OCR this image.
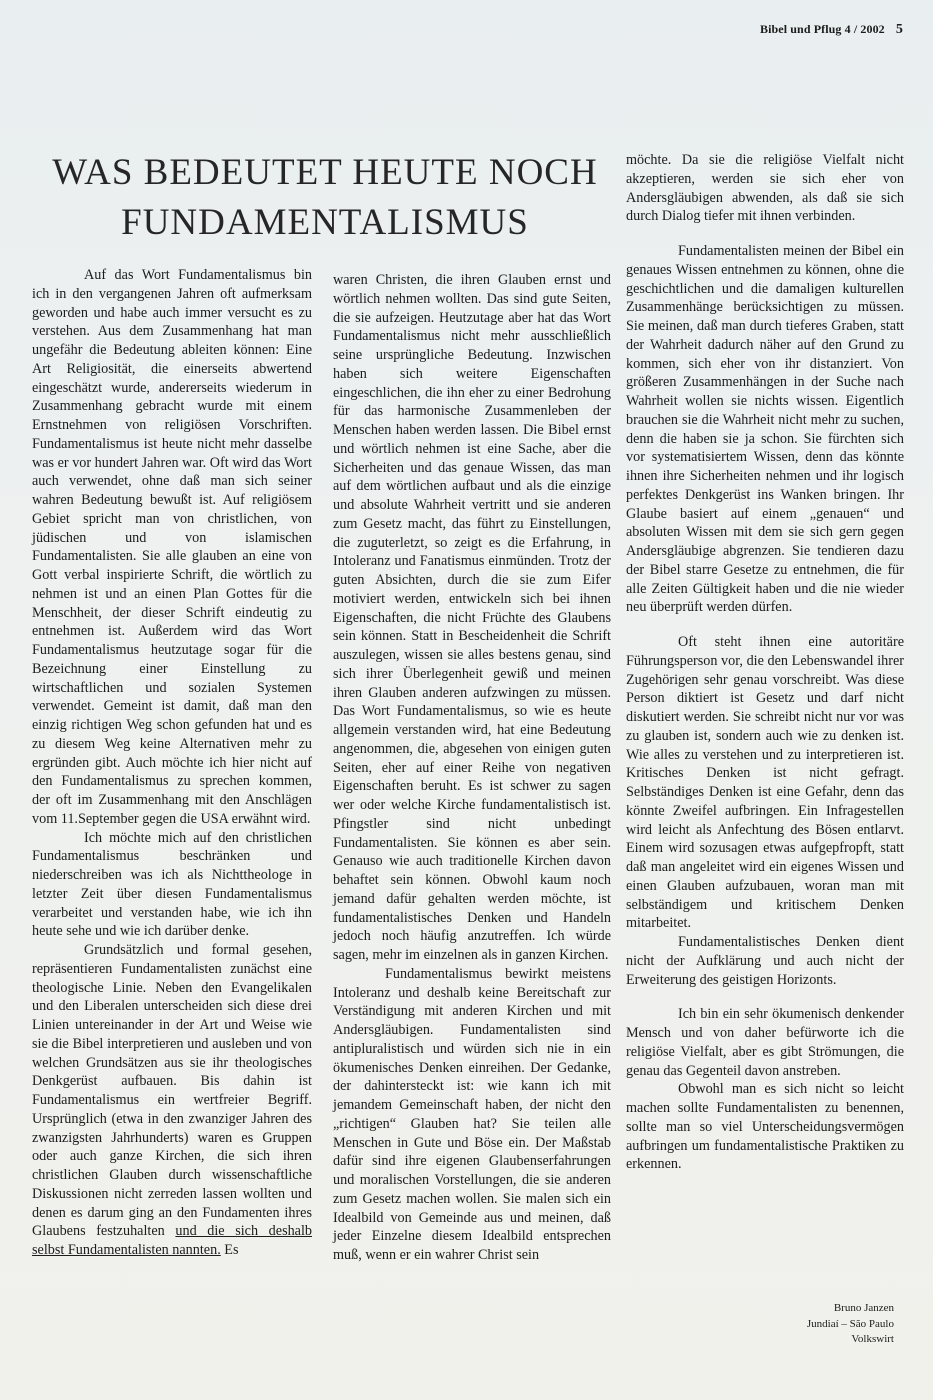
Bibel und Pflug 4 / 2002 5
WAS BEDEUTET HEUTE NOCH
FUNDAMENTALISMUS

Auf das Wort Fundamentalismus bin ich in den vergangenen Jahren oft aufmerksam geworden und habe auch immer versucht es zu verstehen. Aus dem Zusammenhang hat man ungefähr die Bedeutung ableiten können: Eine Art Religiosität, die einerseits abwertend eingeschätzt wurde, andererseits wiederum in Zusammenhang gebracht wurde mit einem Ernstnehmen von religiösen Vorschriften. Fundamentalismus ist heute nicht mehr dasselbe was er vor hundert Jahren war. Oft wird das Wort auch verwendet, ohne daß man sich seiner wahren Bedeutung bewußt ist. Auf religiösem Gebiet spricht man von christlichen, von jüdischen und von islamischen Fundamentalisten. Sie alle glauben an eine von Gott verbal inspirierte Schrift, die wörtlich zu nehmen ist und an einen Plan Gottes für die Menschheit, der dieser Schrift eindeutig zu entnehmen ist. Außerdem wird das Wort Fundamentalismus heutzutage sogar für die Bezeichnung einer Einstellung zu wirtschaftlichen und sozialen Systemen verwendet. Gemeint ist damit, daß man den einzig richtigen Weg schon gefunden hat und es zu diesem Weg keine Alternativen mehr zu ergründen gibt. Auch möchte ich hier nicht auf den Fundamentalismus zu sprechen kommen, der oft im Zusammenhang mit den Anschlägen vom 11.September gegen die USA erwähnt wird.

Ich möchte mich auf den christlichen Fundamentalismus beschränken und niederschreiben was ich als Nichttheologe in letzter Zeit über diesen Fundamentalismus verarbeitet und verstanden habe, wie ich ihn heute sehe und wie ich darüber denke.

Grundsätzlich und formal gesehen, repräsentieren Fundamentalisten zunächst eine theologische Linie. Neben den Evangelikalen und den Liberalen unterscheiden sich diese drei Linien untereinander in der Art und Weise wie sie die Bibel interpretieren und ausleben und von welchen Grundsätzen aus sie ihr theologisches Denkgerüst aufbauen. Bis dahin ist Fundamentalismus ein wertfreier Begriff. Ursprünglich (etwa in den zwanziger Jahren des zwanzigsten Jahrhunderts) waren es Gruppen oder auch ganze Kirchen, die sich ihren christlichen Glauben durch wissenschaftliche Diskussionen nicht zerreden lassen wollten und denen es darum ging an den Fundamenten ihres Glaubens festzuhalten und die sich deshalb selbst Fundamentalisten nannten. Es

waren Christen, die ihren Glauben ernst und wörtlich nehmen wollten. Das sind gute Seiten, die sie aufzeigen. Heutzutage aber hat das Wort Fundamentalismus nicht mehr ausschließlich seine ursprüngliche Bedeutung. Inzwischen haben sich weitere Eigenschaften eingeschlichen, die ihn eher zu einer Bedrohung für das harmonische Zusammenleben der Menschen haben werden lassen. Die Bibel ernst und wörtlich nehmen ist eine Sache, aber die Sicherheiten und das genaue Wissen, das man auf dem wörtlichen aufbaut und als die einzige und absolute Wahrheit vertritt und sie anderen zum Gesetz macht, das führt zu Einstellungen, die zuguterletzt, so zeigt es die Erfahrung, in Intoleranz und Fanatismus einmünden. Trotz der guten Absichten, durch die sie zum Eifer motiviert werden, entwickeln sich bei ihnen Eigenschaften, die nicht Früchte des Glaubens sein können. Statt in Bescheidenheit die Schrift auszulegen, wissen sie alles bestens genau, sind sich ihrer Überlegenheit gewiß und meinen ihren Glauben anderen aufzwingen zu müssen. Das Wort Fundamentalismus, so wie es heute allgemein verstanden wird, hat eine Bedeutung angenommen, die, abgesehen von einigen guten Seiten, eher auf einer Reihe von negativen Eigenschaften beruht. Es ist schwer zu sagen wer oder welche Kirche fundamentalistisch ist. Pfingstler sind nicht unbedingt Fundamentalisten. Sie können es aber sein. Genauso wie auch traditionelle Kirchen davon behaftet sein können. Obwohl kaum noch jemand dafür gehalten werden möchte, ist fundamentalistisches Denken und Handeln jedoch noch häufig anzutreffen. Ich würde sagen, mehr im einzelnen als in ganzen Kirchen.

Fundamentalismus bewirkt meistens Intoleranz und deshalb keine Bereitschaft zur Verständigung mit anderen Kirchen und mit Andersgläubigen. Fundamentalisten sind antipluralistisch und würden sich nie in ein ökumenisches Denken einreihen. Der Gedanke, der dahintersteckt ist: wie kann ich mit jemandem Gemeinschaft haben, der nicht den „richtigen“ Glauben hat? Sie teilen alle Menschen in Gute und Böse ein. Der Maßstab dafür sind ihre eigenen Glaubenserfahrungen und moralischen Vorstellungen, die sie anderen zum Gesetz machen wollen. Sie malen sich ein Idealbild von Gemeinde aus und meinen, daß jeder Einzelne diesem Idealbild entsprechen muß, wenn er ein wahrer Christ sein

möchte. Da sie die religiöse Vielfalt nicht akzeptieren, werden sie sich eher von Andersgläubigen abwenden, als daß sie sich durch Dialog tiefer mit ihnen verbinden.

Fundamentalisten meinen der Bibel ein genaues Wissen entnehmen zu können, ohne die geschichtlichen und die damaligen kulturellen Zusammenhänge berücksichtigen zu müssen. Sie meinen, daß man durch tieferes Graben, statt der Wahrheit dadurch näher auf den Grund zu kommen, sich eher von ihr distanziert. Von größeren Zusammenhängen in der Suche nach Wahrheit wollen sie nichts wissen. Eigentlich brauchen sie die Wahrheit nicht mehr zu suchen, denn die haben sie ja schon. Sie fürchten sich vor systematisiertem Wissen, denn das könnte ihnen ihre Sicherheiten nehmen und ihr logisch perfektes Denkgerüst ins Wanken bringen. Ihr Glaube basiert auf einem „genauen“ und absoluten Wissen mit dem sie sich gern gegen Andersgläubige abgrenzen. Sie tendieren dazu der Bibel starre Gesetze zu entnehmen, die für alle Zeiten Gültigkeit haben und die nie wieder neu überprüft werden dürfen.

Oft steht ihnen eine autoritäre Führungsperson vor, die den Lebenswandel ihrer Zugehörigen sehr genau vorschreibt. Was diese Person diktiert ist Gesetz und darf nicht diskutiert werden. Sie schreibt nicht nur vor was zu glauben ist, sondern auch wie zu denken ist. Wie alles zu verstehen und zu interpretieren ist. Kritisches Denken ist nicht gefragt. Selbständiges Denken ist eine Gefahr, denn das könnte Zweifel aufbringen. Ein Infragestellen wird leicht als Anfechtung des Bösen entlarvt. Einem wird sozusagen etwas aufgepfropft, statt daß man angeleitet wird ein eigenes Wissen und einen Glauben aufzubauen, woran man mit selbständigem und kritischem Denken mitarbeitet.

Fundamentalistisches Denken dient nicht der Aufklärung und auch nicht der Erweiterung des geistigen Horizonts.

Ich bin ein sehr ökumenisch denkender Mensch und von daher befürworte ich die religiöse Vielfalt, aber es gibt Strömungen, die genau das Gegenteil davon anstreben.

Obwohl man es sich nicht so leicht machen sollte Fundamentalisten zu benennen, sollte man so viel Unterscheidungsvermögen aufbringen um fundamentalistische Praktiken zu erkennen.

Bruno Janzen
Jundiaí – São Paulo
Volkswirt
